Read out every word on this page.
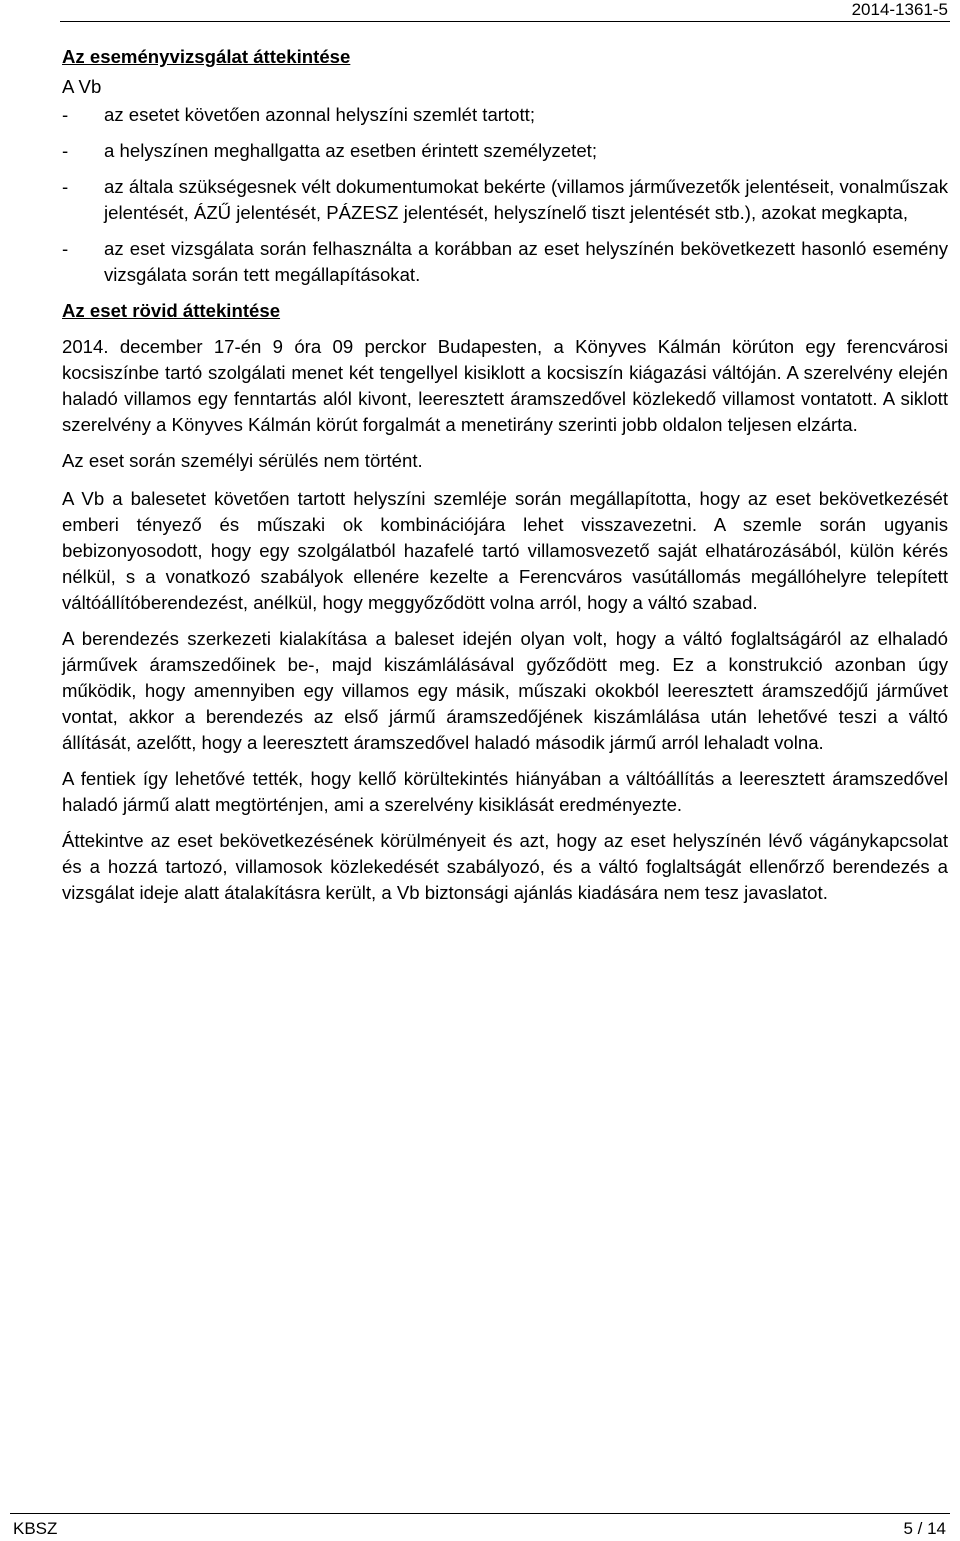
2014-1361-5
Az eseményvizsgálat áttekintése

A Vb

- az esetet követően azonnal helyszíni szemlét tartott;
- a helyszínen meghallgatta az esetben érintett személyzetet;
- az általa szükségesnek vélt dokumentumokat bekérte (villamos járművezetők jelentéseit, vonalműszak jelentését, ÁZŰ jelentését, PÁZESZ jelentését, helyszínelő tiszt jelentését stb.), azokat megkapta,
- az eset vizsgálata során felhasználta a korábban az eset helyszínén bekövetkezett hasonló esemény vizsgálata során tett megállapításokat.
Az eset rövid áttekintése

2014. december 17-én 9 óra 09 perckor Budapesten, a Könyves Kálmán körúton egy ferencvárosi kocsiszínbe tartó szolgálati menet két tengellyel kisiklott a kocsiszín kiágazási váltóján. A szerelvény elején haladó villamos egy fenntartás alól kivont, leeresztett áramszedővel közlekedő villamost vontatott. A siklott szerelvény a Könyves Kálmán körút forgalmát a menetirány szerinti jobb oldalon teljesen elzárta.

Az eset során személyi sérülés nem történt.

A Vb a balesetet követően tartott helyszíni szemléje során megállapította, hogy az eset bekövetkezését emberi tényező és műszaki ok kombinációjára lehet visszavezetni. A szemle során ugyanis bebizonyosodott, hogy egy szolgálatból hazafelé tartó villamosvezető saját elhatározásából, külön kérés nélkül, s a vonatkozó szabályok ellenére kezelte a Ferencváros vasútállomás megállóhelyre telepített váltóállítóberendezést, anélkül, hogy meggyőződött volna arról, hogy a váltó szabad.

A berendezés szerkezeti kialakítása a baleset idején olyan volt, hogy a váltó foglaltságáról az elhaladó járművek áramszedőinek be-, majd kiszámlálásával győződött meg. Ez a konstrukció azonban úgy működik, hogy amennyiben egy villamos egy másik, műszaki okokból leeresztett áramszedőjű járművet vontat, akkor a berendezés az első jármű áramszedőjének kiszámlálása után lehetővé teszi a váltó állítását, azelőtt, hogy a leeresztett áramszedővel haladó második jármű arról lehaladt volna.

A fentiek így lehetővé tették, hogy kellő körültekintés hiányában a váltóállítás a leeresztett áramszedővel haladó jármű alatt megtörténjen, ami a szerelvény kisiklását eredményezte.

Áttekintve az eset bekövetkezésének körülményeit és azt, hogy az eset helyszínén lévő vágánykapcsolat és a hozzá tartozó, villamosok közlekedését szabályozó, és a váltó foglaltságát ellenőrző berendezés a vizsgálat ideje alatt átalakításra került, a Vb biztonsági ajánlás kiadására nem tesz javaslatot.

KBSZ	5 / 14
